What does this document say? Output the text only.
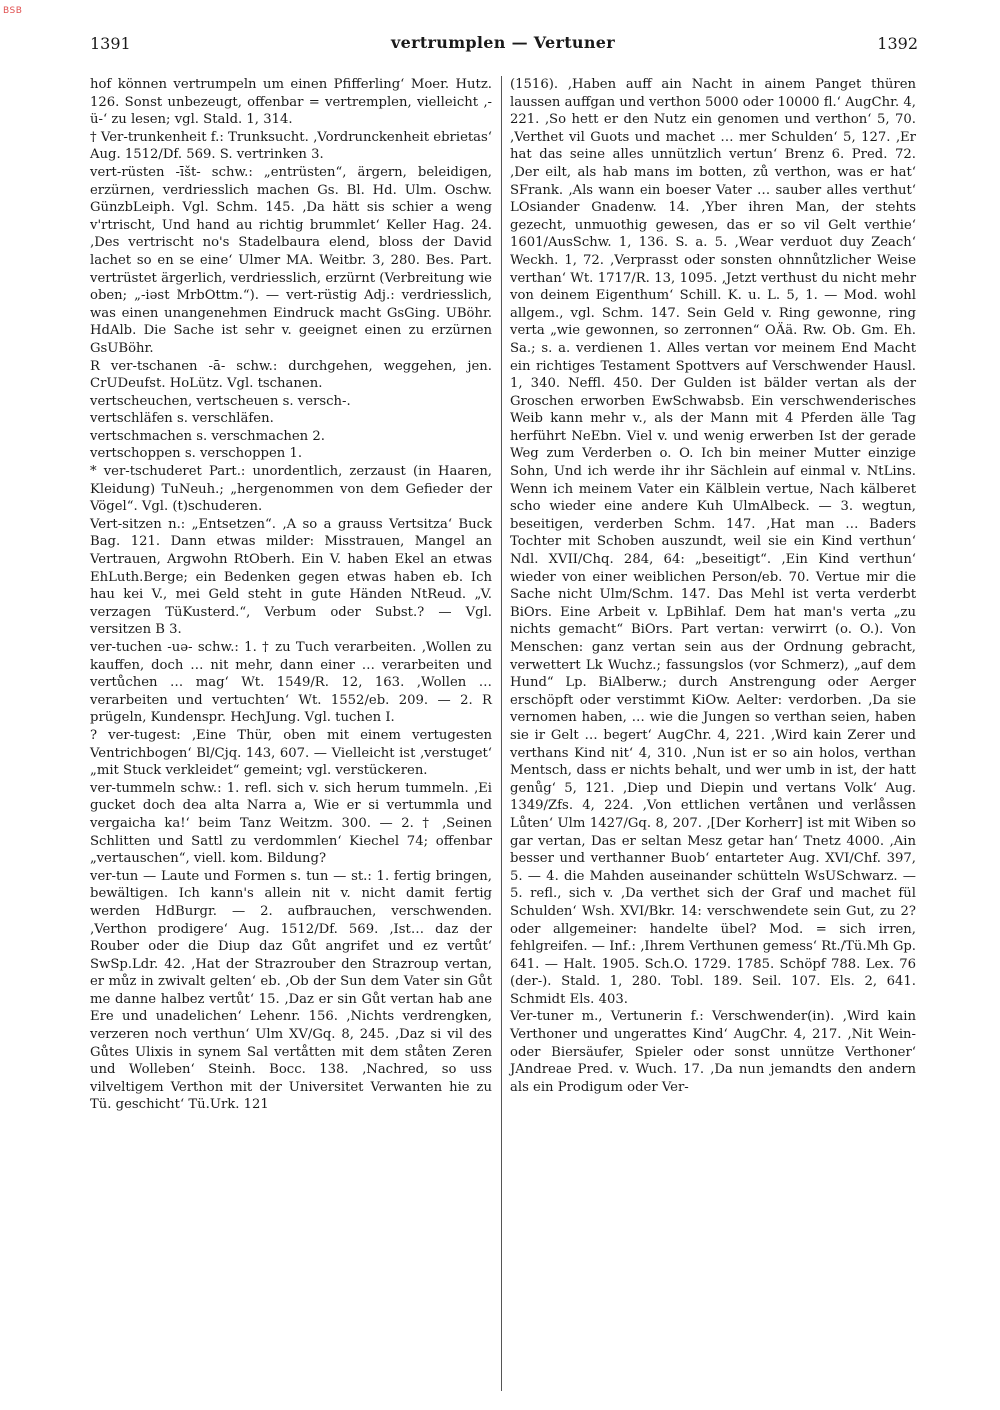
BSB
1391	vertrumplen — Vertuner	1392

hof können vertrumpeln um einen Pfifferling‘ Moer. Hutz. 126. Sonst unbezeugt, offenbar = vertremplen, vielleicht ‚-ü-‘ zu lesen; vgl. Stald. 1, 314.

† Ver-trunkenheit f.: Trunksucht. ‚Vordrunckenheit ebrietas‘ Aug. 1512/Df. 569. S. vertrinken 3.

vert-rüsten -īšt- schw.: „entrüsten“, ärgern, beleidigen, erzürnen, verdriesslich machen Gs. Bl. Hd. Ulm. Oschw. GünzbLeiph. Vgl. Schm. 145. ‚Da hätt sis schier a weng v'rtrischt, Und hand au richtig brummlet‘ Keller Hag. 24. ‚Des vertrischt no's Stadelbaura elend, bloss der David lachet so en se eine‘ Ulmer MA. Weitbr. 3, 280. Bes. Part. vertrüstet ärgerlich, verdriesslich, erzürnt (Verbreitung wie oben; „-iəst MrbOttm.“). — vert-rüstig Adj.: verdriesslich, was einen unangenehmen Eindruck macht GsGing. UBöhr. HdAlb. Die Sache ist sehr v. geeignet einen zu erzürnen GsUBöhr.

R ver-tschanen -ā- schw.: durchgehen, weggehen, jen. CrUDeufst. HoLütz. Vgl. tschanen.

vertscheuchen, vertscheuen s. versch-.

vertschläfen s. verschläfen.

vertschmachen s. verschmachen 2.

vertschoppen s. verschoppen 1.

* ver-tschuderet Part.: unordentlich, zerzaust (in Haaren, Kleidung) TuNeuh.; „hergenommen von dem Gefieder der Vögel“. Vgl. (t)schuderen.

Vert-sitzen n.: „Entsetzen“. ‚A so a grauss Vertsitza‘ Buck Bag. 121. Dann etwas milder: Misstrauen, Mangel an Vertrauen, Argwohn RtOberh. Ein V. haben Ekel an etwas EhLuth.Berge; ein Bedenken gegen etwas haben eb. Ich hau kei V., mei Geld steht in gute Händen NtReud. „V. verzagen TüKusterd.“, Verbum oder Subst.? — Vgl. versitzen B 3.

ver-tuchen -uə- schw.: 1. † zu Tuch verarbeiten. ‚Wollen zu kauffen, doch … nit mehr, dann einer … verarbeiten und vertůchen … mag‘ Wt. 1549/R. 12, 163. ‚Wollen … verarbeiten und vertuchten‘ Wt. 1552/eb. 209. — 2. R prügeln, Kundenspr. HechJung. Vgl. tuchen I.

? ver-tugest: ‚Eine Thür, oben mit einem vertugesten Ventrichbogen‘ Bl/Cjq. 143, 607. — Vielleicht ist ‚verstuget‘ „mit Stuck verkleidet“ gemeint; vgl. verstückeren.

ver-tummeln schw.: 1. refl. sich v. sich herum tummeln. ‚Ei gucket doch dea alta Narra a, Wie er si vertummla und vergaicha ka!‘ beim Tanz Weitzm. 300. — 2. † ‚Seinen Schlitten und Sattl zu verdommlen‘ Kiechel 74; offenbar „vertauschen“, viell. kom. Bildung?

ver-tun — Laute und Formen s. tun — st.: 1. fertig bringen, bewältigen. Ich kann's allein nit v. nicht damit fertig werden HdBurgr. — 2. aufbrauchen, verschwenden. ‚Verthon prodigere‘ Aug. 1512/Df. 569. ‚Ist… daz der Rouber oder die Diup daz Gůt angrifet und ez vertůt‘ SwSp.Ldr. 42. ‚Hat der Strazrouber den Strazroup vertan, er můz in zwivalt gelten‘ eb. ‚Ob der Sun dem Vater sin Gůt me danne halbez vertůt‘ 15. ‚Daz er sin Gůt vertan hab ane Ere und unadelichen‘ Lehenr. 156. ‚Nichts verdrengken, verzeren noch verthun‘ Ulm XV/Gq. 8, 245. ‚Daz si vil des Gůtes Ulixis in synem Sal vertåtten mit dem ståten Zeren und Wolleben‘ Steinh. Bocc. 138. ‚Nachred, so uss vilveltigem Verthon mit der Universitet Verwanten hie zu Tü. geschicht‘ Tü.Urk. 121

(1516). ‚Haben auff ain Nacht in ainem Panget thüren laussen auffgan und verthon 5000 oder 10000 fl.‘ AugChr. 4, 221. ‚So hett er den Nutz ein genomen und verthon‘ 5, 70. ‚Verthet vil Guots und machet … mer Schulden‘ 5, 127. ‚Er hat das seine alles unnützlich vertun‘ Brenz 6. Pred. 72. ‚Der eilt, als hab mans im botten, zů verthon, was er hat‘ SFrank. ‚Als wann ein boeser Vater … sauber alles verthut‘ LOsiander Gnadenw. 14. ‚Yber ihren Man, der stehts gezecht, unmuothig gewesen, das er so vil Gelt verthie‘ 1601/AusSchw. 1, 136. S. a. 5. ‚Wear verduot duy Zeach‘ Weckh. 1, 72. ‚Verprasst oder sonsten ohnnůtzlicher Weise verthan‘ Wt. 1717/R. 13, 1095. ‚Jetzt verthust du nicht mehr von deinem Eigenthum‘ Schill. K. u. L. 5, 1. — Mod. wohl allgem., vgl. Schm. 147. Sein Geld v. Ring gewonne, ring verta „wie gewonnen, so zerronnen“ OÄä. Rw. Ob. Gm. Eh. Sa.; s. a. verdienen 1. Alles vertan vor meinem End Macht ein richtiges Testament Spottvers auf Verschwender Hausl. 1, 340. Neffl. 450. Der Gulden ist bälder vertan als der Groschen erworben EwSchwabsb. Ein verschwenderisches Weib kann mehr v., als der Mann mit 4 Pferden älle Tag herführt NeEbn. Viel v. und wenig erwerben Ist der gerade Weg zum Verderben o. O. Ich bin meiner Mutter einzige Sohn, Und ich werde ihr ihr Sächlein auf einmal v. NtLins. Wenn ich meinem Vater ein Kälblein vertue, Nach kälberet scho wieder eine andere Kuh UlmAlbeck. — 3. wegtun, beseitigen, verderben Schm. 147. ‚Hat man … Baders Tochter mit Schoben auszundt, weil sie ein Kind verthun‘ Ndl. XVII/Chq. 284, 64: „beseitigt“. ‚Ein Kind verthun‘ wieder von einer weiblichen Person/eb. 70. Vertue mir die Sache nicht Ulm/Schm. 147. Das Mehl ist verta verderbt BiOrs. Eine Arbeit v. LpBihlaf. Dem hat man's verta „zu nichts gemacht“ BiOrs. Part vertan: verwirrt (o. O.). Von Menschen: ganz vertan sein aus der Ordnung gebracht, verwettert Lk Wuchz.; fassungslos (vor Schmerz), „auf dem Hund“ Lp. BiAlberw.; durch Anstrengung oder Aerger erschöpft oder verstimmt KiOw. Aelter: verdorben. ‚Da sie vernomen haben, … wie die Jungen so verthan seien, haben sie ir Gelt … begert‘ AugChr. 4, 221. ‚Wird kain Zerer und verthans Kind nit‘ 4, 310. ‚Nun ist er so ain holos, verthan Mentsch, dass er nichts behalt, und wer umb in ist, der hatt genůg‘ 5, 121. ‚Diep und Diepin und vertans Volk‘ Aug. 1349/Zfs. 4, 224. ‚Von ettlichen vertånen und verlåssen Lůten‘ Ulm 1427/Gq. 8, 207. ‚[Der Korherr] ist mit Wiben so gar vertan, Das er seltan Mesz getar han‘ Tnetz 4000. ‚Ain besser und verthanner Buob‘ entarteter Aug. XVI/Chf. 397, 5. — 4. die Mahden auseinander schütteln WsUSchwarz. — 5. refl., sich v. ‚Da verthet sich der Graf und machet fül Schulden‘ Wsh. XVI/Bkr. 14: verschwendete sein Gut, zu 2? oder allgemeiner: handelte übel? Mod. = sich irren, fehlgreifen. — Inf.: ‚Ihrem Verthunen gemess‘ Rt./Tü.Mh Gp. 641. — Halt. 1905. Sch.O. 1729. 1785. Schöpf 788. Lex. 76 (der-). Stald. 1, 280. Tobl. 189. Seil. 107. Els. 2, 641. Schmidt Els. 403.

Ver-tuner m., Vertunerin f.: Verschwender(in). ‚Wird kain Verthoner und ungerattes Kind‘ AugChr. 4, 217. ‚Nit Wein- oder Biersäufer, Spieler oder sonst unnütze Verthoner‘ JAndreae Pred. v. Wuch. 17. ‚Da nun jemandts den andern als ein Prodigum oder Ver-
